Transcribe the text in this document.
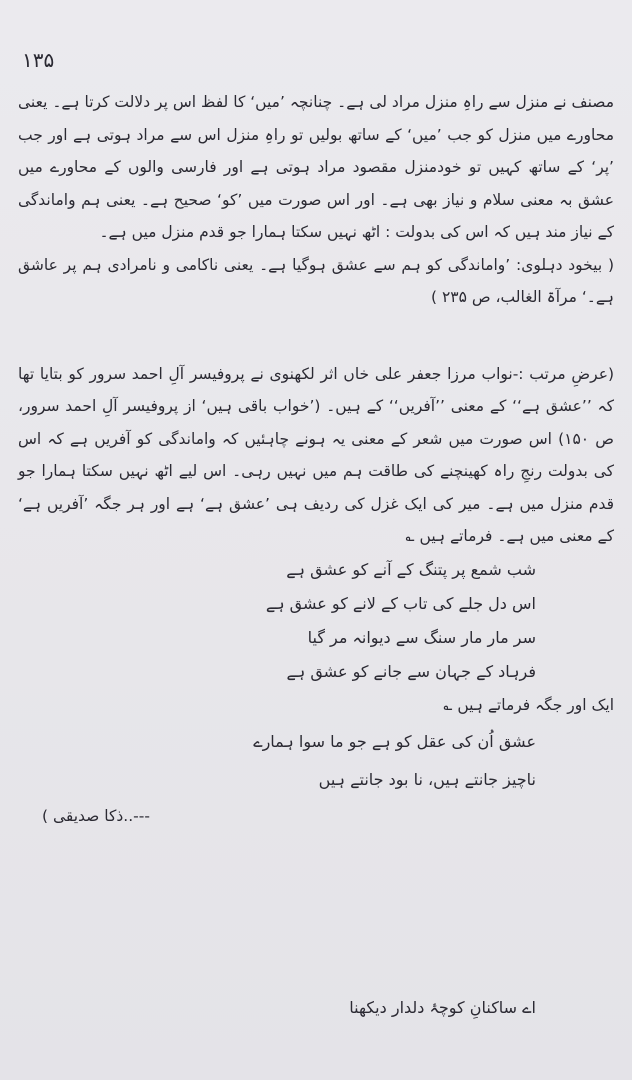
۱۳۵

مصنف نے منزل سے راہِ منزل مراد لی ہے۔ چنانچہ ’میں‘ کا لفظ اس پر دلالت کرتا ہے۔ یعنی محاورے میں منزل کو جب ’میں‘ کے ساتھ بولیں تو راہِ منزل اس سے مراد ہوتی ہے اور جب ’پر‘ کے ساتھ کہیں تو خودمنزل مقصود مراد ہوتی ہے اور فارسی والوں کے محاورے میں عشق بہ معنی سلام و نیاز بھی ہے۔ اور اس صورت میں ’کو‘ صحیح ہے۔ یعنی ہم واماندگی کے نیاز مند ہیں کہ اس کی بدولت : اٹھ نہیں سکتا ہمارا جو قدم منزل میں ہے۔

( بیخود دہلوی: ’واماندگی کو ہم سے عشق ہوگیا ہے۔ یعنی ناکامی و نامرادی ہم پر عاشق ہے۔‘ مرآۃ الغالب، ص ۲۳۵ )

(عرضِ مرتب :-نواب مرزا جعفر علی خاں اثر لکھنوی نے پروفیسر آلِ احمد سرور کو بتایا تھا کہ ’’عشق ہے‘‘ کے معنی ’’آفریں‘‘ کے ہیں۔ (’خواب باقی ہیں‘ از پروفیسر آلِ احمد سرور، ص ۱۵۰) اس صورت میں شعر کے معنی یہ ہونے چاہئیں کہ واماندگی کو آفریں ہے کہ اس کی بدولت رنجِ راہ کھینچنے کی طاقت ہم میں نہیں رہی۔ اس لیے اٹھ نہیں سکتا ہمارا جو قدم منزل میں ہے۔ میر کی ایک غزل کی ردیف ہی ’عشق ہے‘ ہے اور ہر جگہ ’آفریں ہے‘ کے معنی میں ہے۔ فرماتے ہیں ؎

شب شمع پر پتنگ کے آنے کو عشق ہے

اس دل جلے کی تاب کے لانے کو عشق ہے

سر مار مار سنگ سے دیوانہ مر گیا

فرہاد کے جہان سے جانے کو عشق ہے

ایک اور جگہ فرماتے ہیں ؎

عشق اُن کی عقل کو ہے جو ما سوا ہمارے

ناچیز جانتے ہیں، نا بود جانتے ہیں

---..ذکا صدیقی )

اے ساکنانِ کوچۂ دلدار دیکھنا
